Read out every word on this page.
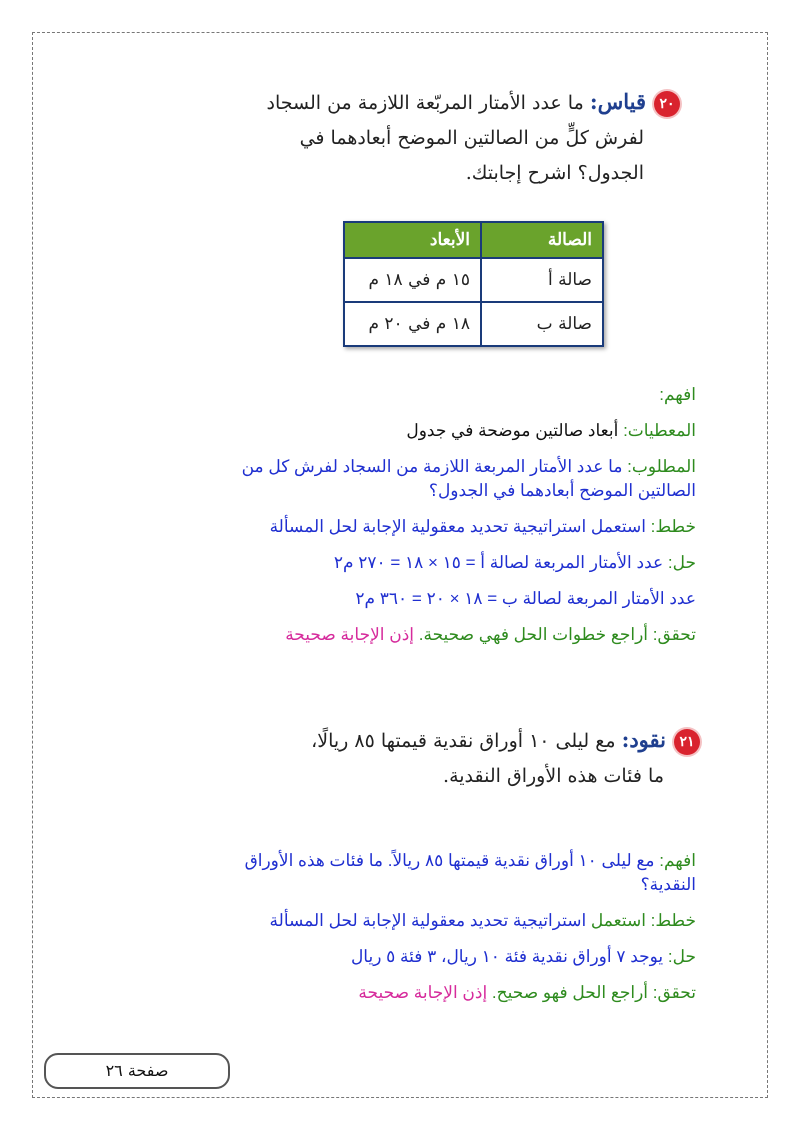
٢٠قياس: ما عدد الأمتار المربّعة اللازمة من السجاد
لفرش كلٍّ من الصالتين الموضح أبعادهما في
الجدول؟ اشرح إجابتك.
الصالة	الأبعاد
صالة أ	١٥ م في ١٨ م
صالة ب	١٨ م في ٢٠ م
افهم:
المعطيات: أبعاد صالتين موضحة في جدول
المطلوب: ما عدد الأمتار المربعة اللازمة من السجاد لفرش كل من
الصالتين الموضح أبعادهما في الجدول؟
خطط: استعمل استراتيجية تحديد معقولية الإجابة لحل المسألة
حل: عدد الأمتار المربعة لصالة أ = ١٥ × ١٨ = ٢٧٠ م٢
عدد الأمتار المربعة لصالة ب = ١٨ × ٢٠ = ٣٦٠ م٢
تحقق: أراجع خطوات الحل فهي صحيحة. إذن الإجابة صحيحة
٢١نقود: مع ليلى ١٠ أوراق نقدية قيمتها ٨٥ ريالًا،
ما فئات هذه الأوراق النقدية.
افهم: مع ليلى ١٠ أوراق نقدية قيمتها ٨٥ ريالاً. ما فئات هذه الأوراق
النقدية؟
خطط: استعمل استراتيجية تحديد معقولية الإجابة لحل المسألة
حل: يوجد ٧ أوراق نقدية فئة ١٠ ريال، ٣ فئة ٥ ريال
تحقق: أراجع الحل فهو صحيح. إذن الإجابة صحيحة
صفحة ٢٦
